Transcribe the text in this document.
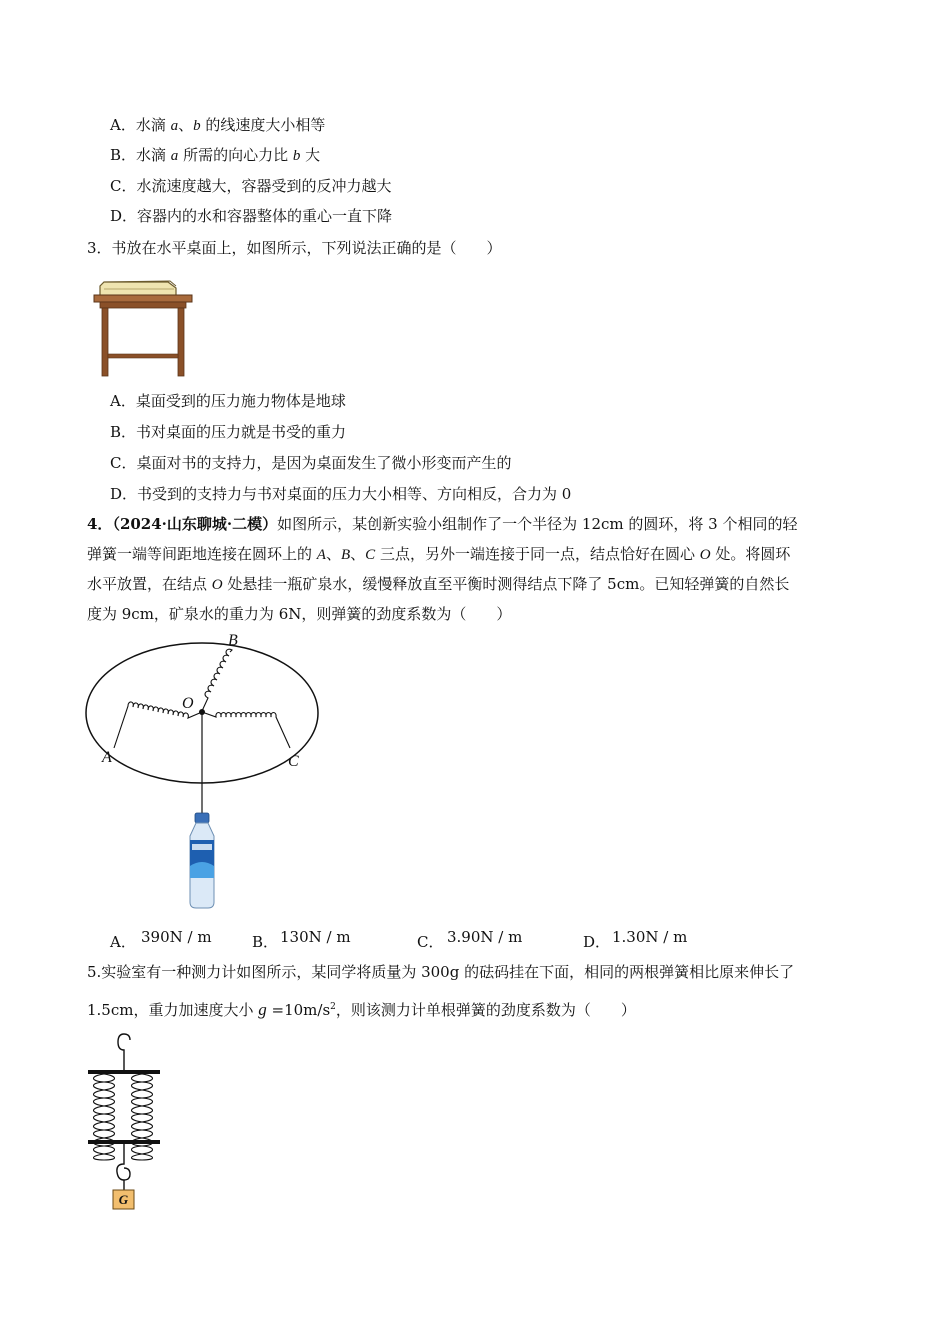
A．水滴 a、b 的线速度大小相等
B．水滴 a 所需的向心力比 b 大
C．水流速度越大，容器受到的反冲力越大
D．容器内的水和容器整体的重心一直下降
3．书放在水平桌面上，如图所示，下列说法正确的是（　　）
A．桌面受到的压力施力物体是地球
B．书对桌面的压力就是书受的重力
C．桌面对书的支持力，是因为桌面发生了微小形变而产生的
D．书受到的支持力与书对桌面的压力大小相等、方向相反，合力为 0
4．（2024·山东聊城·二模）如图所示，某创新实验小组制作了一个半径为 12cm 的圆环，将 3 个相同的轻
弹簧一端等间距地连接在圆环上的 A、B、C 三点，另外一端连接于同一点，结点恰好在圆心 O 处。将圆环
水平放置，在结点 O 处悬挂一瓶矿泉水，缓慢释放直至平衡时测得结点下降了 5cm。已知轻弹簧的自然长
度为 9cm，矿泉水的重力为 6N，则弹簧的劲度系数为（　　）
A
B
C
O
A． 390N / m	B． 130N / m	C． 3.90N / m	D． 1.30N / m
5.实验室有一种测力计如图所示，某同学将质量为 300g 的砝码挂在下面，相同的两根弹簧相比原来伸长了
1.5cm，重力加速度大小 $g =10m/s^2$，则该测力计单根弹簧的劲度系数为（　　）
G
